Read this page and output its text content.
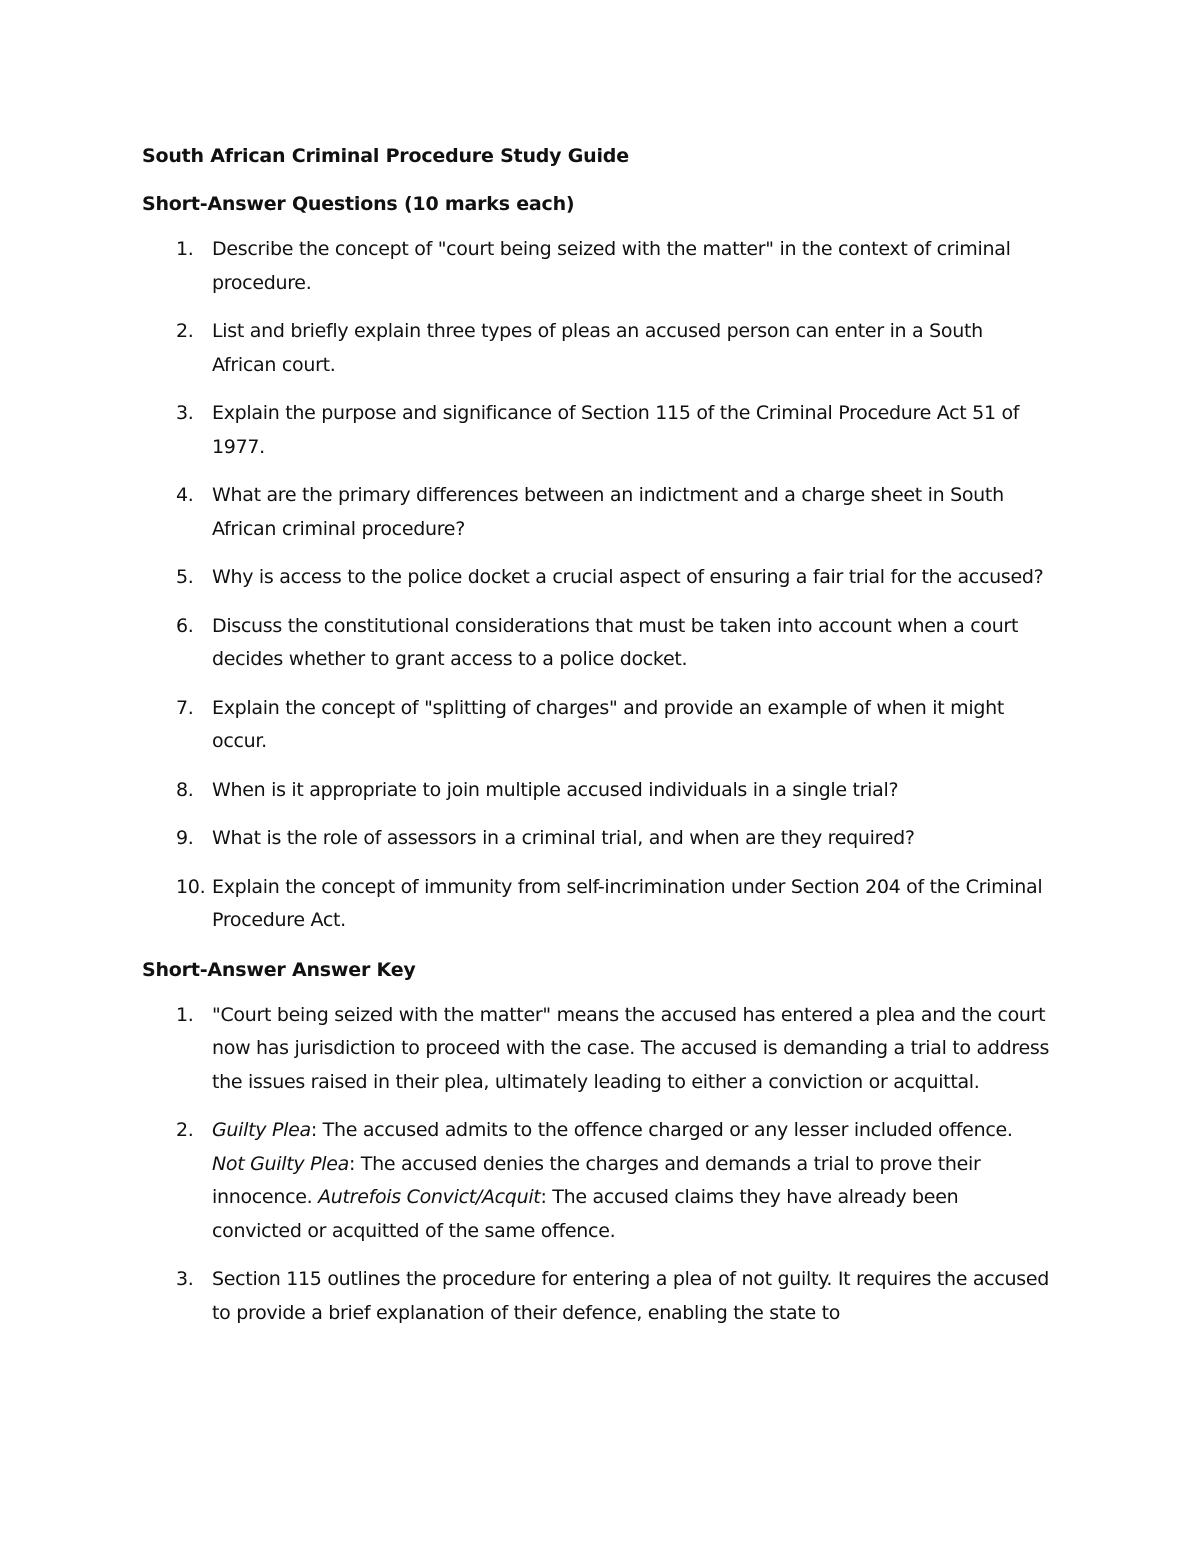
South African Criminal Procedure Study Guide
Short-Answer Questions (10 marks each)
1. Describe the concept of "court being seized with the matter" in the context of criminal procedure.
2. List and briefly explain three types of pleas an accused person can enter in a South African court.
3. Explain the purpose and significance of Section 115 of the Criminal Procedure Act 51 of 1977.
4. What are the primary differences between an indictment and a charge sheet in South African criminal procedure?
5. Why is access to the police docket a crucial aspect of ensuring a fair trial for the accused?
6. Discuss the constitutional considerations that must be taken into account when a court decides whether to grant access to a police docket.
7. Explain the concept of "splitting of charges" and provide an example of when it might occur.
8. When is it appropriate to join multiple accused individuals in a single trial?
9. What is the role of assessors in a criminal trial, and when are they required?
10. Explain the concept of immunity from self-incrimination under Section 204 of the Criminal Procedure Act.
Short-Answer Answer Key
1. "Court being seized with the matter" means the accused has entered a plea and the court now has jurisdiction to proceed with the case. The accused is demanding a trial to address the issues raised in their plea, ultimately leading to either a conviction or acquittal.
2. Guilty Plea: The accused admits to the offence charged or any lesser included offence. Not Guilty Plea: The accused denies the charges and demands a trial to prove their innocence. Autrefois Convict/Acquit: The accused claims they have already been convicted or acquitted of the same offence.
3. Section 115 outlines the procedure for entering a plea of not guilty. It requires the accused to provide a brief explanation of their defence, enabling the state to
